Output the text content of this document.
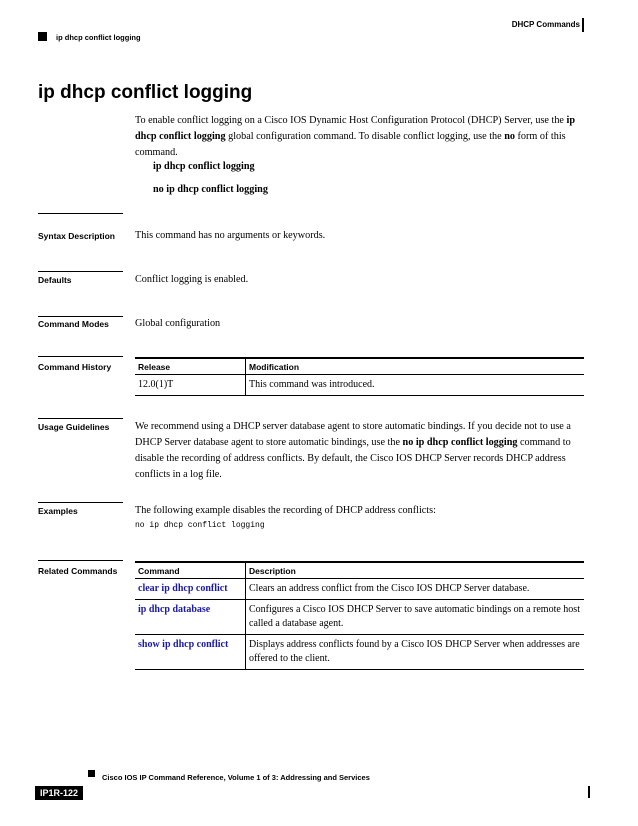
DHCP Commands
ip dhcp conflict logging
ip dhcp conflict logging
To enable conflict logging on a Cisco IOS Dynamic Host Configuration Protocol (DHCP) Server, use the ip dhcp conflict logging global configuration command. To disable conflict logging, use the no form of this command.
ip dhcp conflict logging
no ip dhcp conflict logging
Syntax Description This command has no arguments or keywords.
Defaults	Conflict logging is enabled.
Command Modes	Global configuration
Command History	Release	Modification
12.0(1)T	This command was introduced.
Usage Guidelines	We recommend using a DHCP server database agent to store automatic bindings. If you decide not to use a DHCP Server database agent to store automatic bindings, use the no ip dhcp conflict logging command to disable the recording of address conflicts. By default, the Cisco IOS DHCP Server records DHCP address conflicts in a log file.
Examples	The following example disables the recording of DHCP address conflicts:
no ip dhcp conflict logging
Related Commands Command	Description
clear ip dhcp conflict	Clears an address conflict from the Cisco IOS DHCP Server database.
ip dhcp database	Configures a Cisco IOS DHCP Server to save automatic bindings on a remote host called a database agent.
show ip dhcp conflict	Displays address conflicts found by a Cisco IOS DHCP Server when addresses are offered to the client.
Cisco IOS IP Command Reference, Volume 1 of 3: Addressing and Services
IP1R-122
